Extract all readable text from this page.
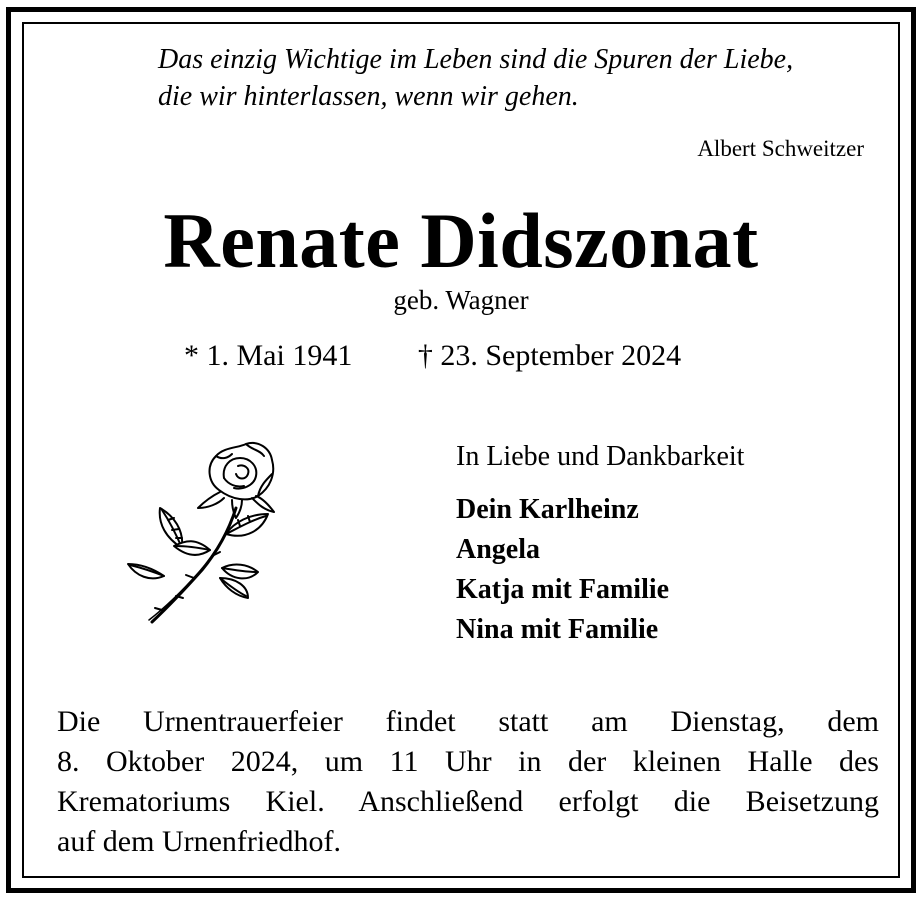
Das einzig Wichtige im Leben sind die Spuren der Liebe,
die wir hinterlassen, wenn wir gehen.
Albert Schweitzer
Renate Didszonat
geb. Wagner
* 1. Mai 1941 † 23. September 2024
In Liebe und Dankbarkeit
Dein Karlheinz
Angela
Katja mit Familie
Nina mit Familie
Die Urnentrauerfeier findet statt am Dienstag, dem
8. Oktober 2024, um 11 Uhr in der kleinen Halle des
Krematoriums Kiel. Anschließend erfolgt die Beisetzung
auf dem Urnenfriedhof.
